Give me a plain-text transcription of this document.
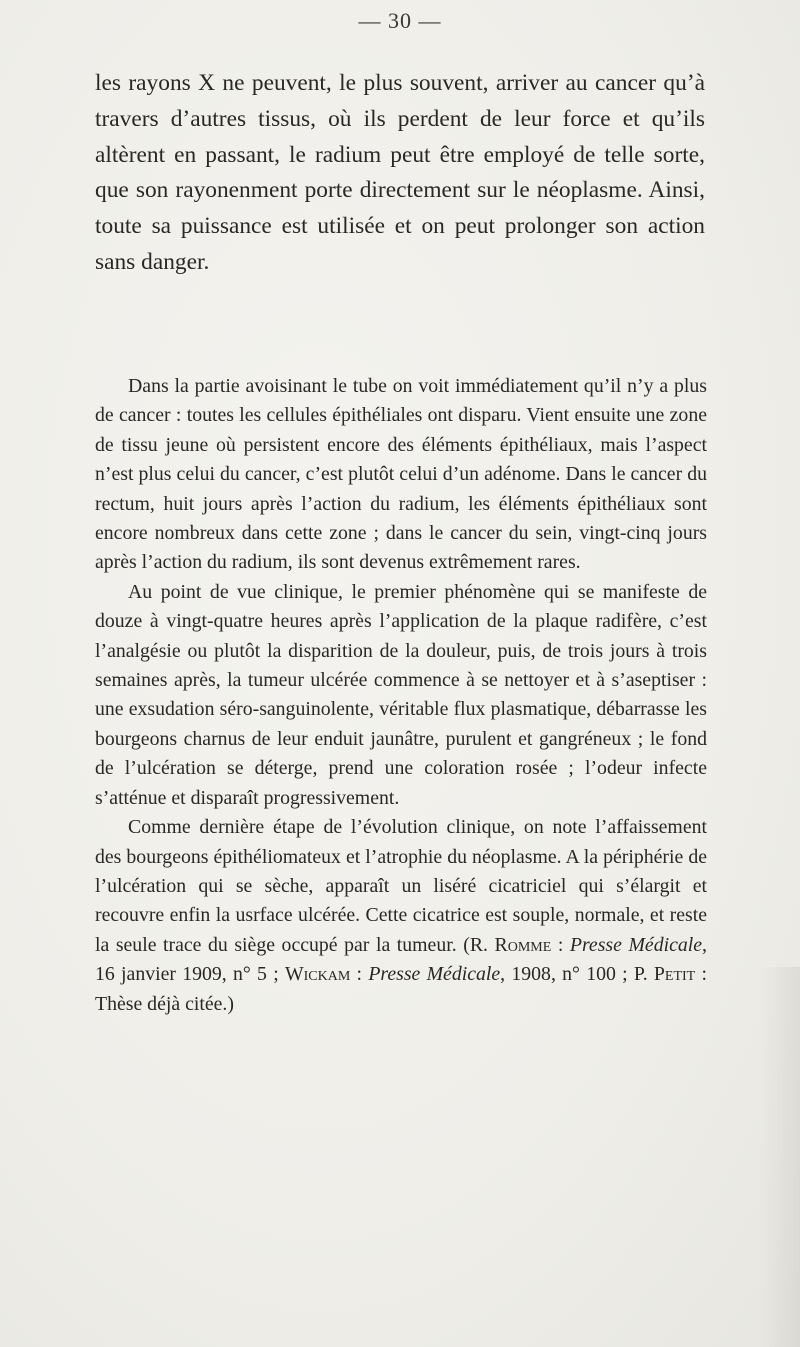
— 30 —

les rayons X ne peuvent, le plus souvent, arriver au cancer qu’à travers d’autres tissus, où ils perdent de leur force et qu’ils altèrent en passant, le radium peut être employé de telle sorte, que son rayonenment porte directement sur le néoplasme. Ainsi, toute sa puissance est utilisée et on peut prolonger son action sans danger.

Dans la partie avoisinant le tube on voit immédiatement qu’il n’y a plus de cancer : toutes les cellules épithéliales ont disparu. Vient ensuite une zone de tissu jeune où persistent encore des éléments épithéliaux, mais l’aspect n’est plus celui du cancer, c’est plutôt celui d’un adénome. Dans le cancer du rectum, huit jours après l’action du radium, les éléments épithéliaux sont encore nombreux dans cette zone ; dans le cancer du sein, vingt-cinq jours après l’action du radium, ils sont devenus extrêmement rares.

Au point de vue clinique, le premier phénomène qui se manifeste de douze à vingt-quatre heures après l’application de la plaque radifère, c’est l’analgésie ou plutôt la disparition de la douleur, puis, de trois jours à trois semaines après, la tumeur ulcérée commence à se nettoyer et à s’aseptiser : une exsudation séro-sanguinolente, véritable flux plasmatique, débarrasse les bourgeons charnus de leur enduit jaunâtre, purulent et gangréneux ; le fond de l’ulcération se déterge, prend une coloration rosée ; l’odeur infecte s’atténue et disparaît progressivement.

Comme dernière étape de l’évolution clinique, on note l’affaissement des bourgeons épithéliomateux et l’atrophie du néoplasme. A la périphérie de l’ulcération qui se sèche, apparaît un liséré cicatriciel qui s’élargit et recouvre enfin la usrface ulcérée. Cette cicatrice est souple, normale, et reste la seule trace du siège occupé par la tumeur. (R. Romme : Presse Médicale, 16 janvier 1909, n° 5 ; Wickam : Presse Médicale, 1908, n° 100 ; P. Petit : Thèse déjà citée.)
